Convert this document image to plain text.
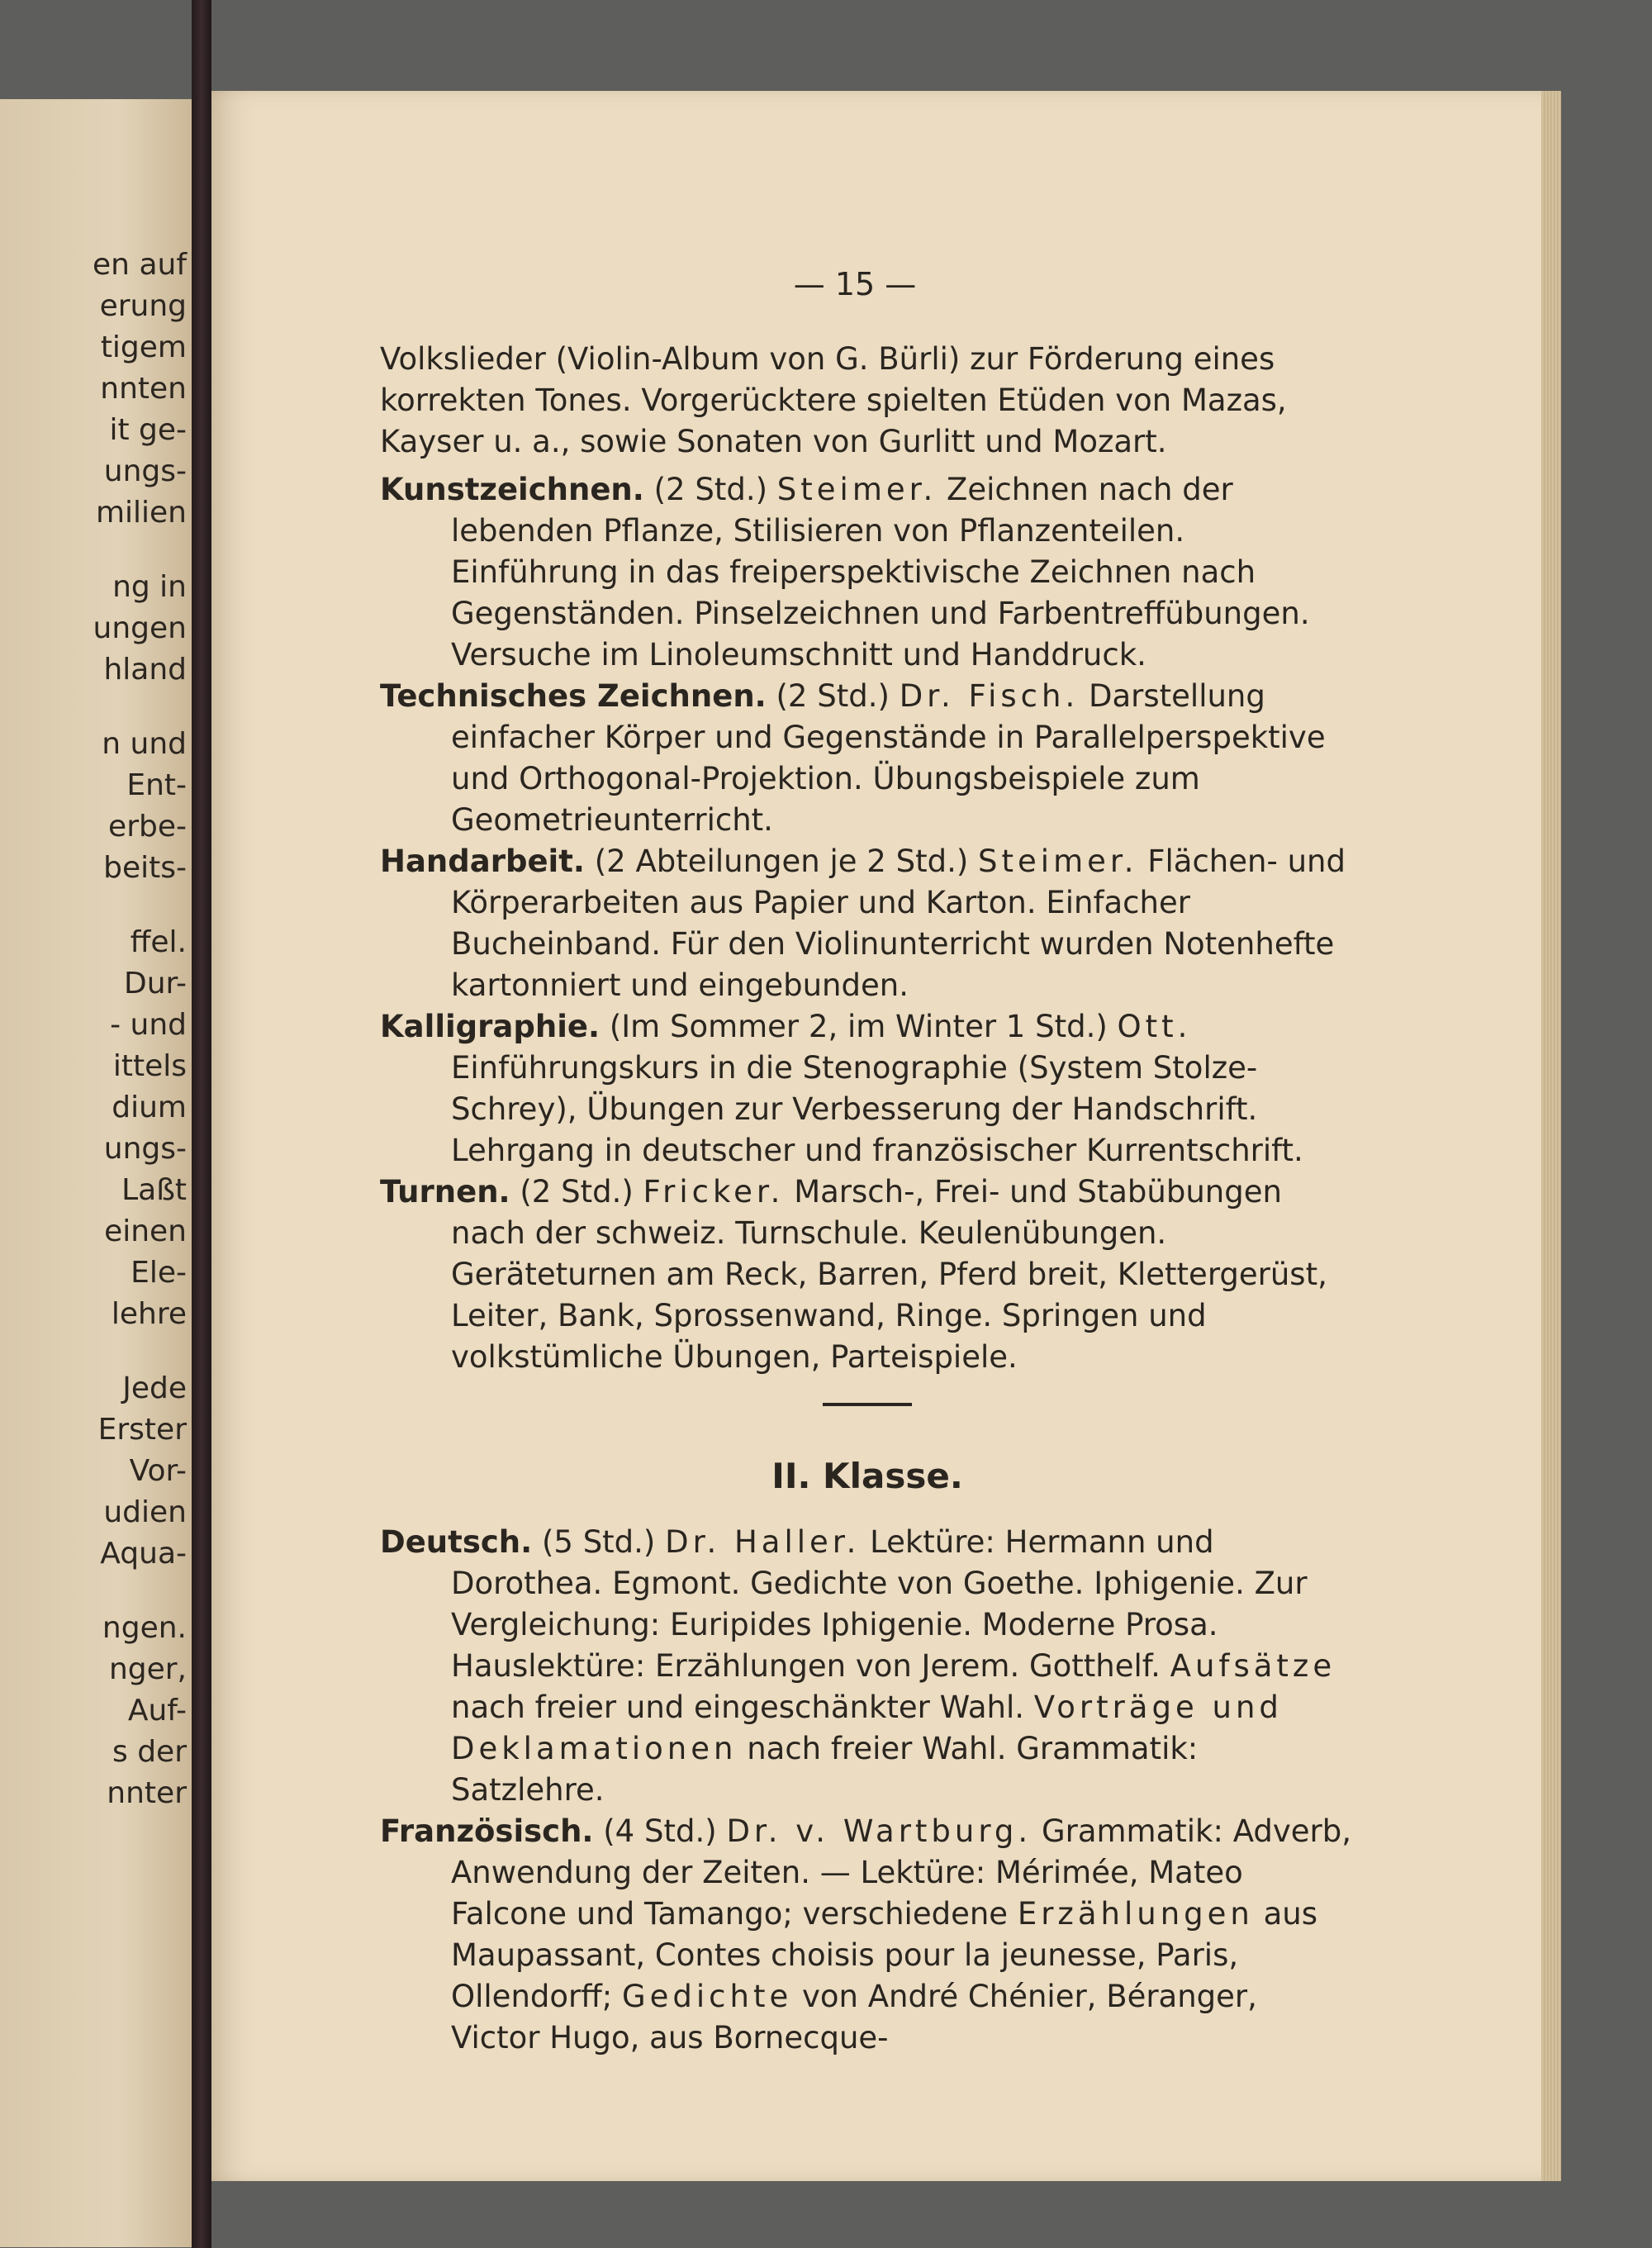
en auf
erung
tigem
nnten
it ge-
ungs-
milien
ng in
ungen
hland
n und
Ent-
erbe-
beits-
ffel.
Dur-
- und
ittels
dium
ungs-
Laßt
einen
Ele-
lehre
Jede
Erster
Vor-
udien
Aqua-
ngen.
nger,
Auf-
s der
nnter
— 15 —

Volkslieder (Violin-Album von G. Bürli) zur Förderung eines korrekten Tones. Vorgerücktere spielten Etüden von Mazas, Kayser u. a., sowie Sonaten von Gurlitt und Mozart.

Kunstzeichnen. (2 Std.) Steimer. Zeichnen nach der lebenden Pflanze, Stilisieren von Pflanzenteilen. Einführung in das freiperspektivische Zeichnen nach Gegenständen. Pinselzeichnen und Farbentreffübungen. Versuche im Linoleumschnitt und Handdruck.

Technisches Zeichnen. (2 Std.) Dr. Fisch. Darstellung einfacher Körper und Gegenstände in Parallelperspektive und Orthogonal-Projektion. Übungsbeispiele zum Geometrieunterricht.

Handarbeit. (2 Abteilungen je 2 Std.) Steimer. Flächen- und Körperarbeiten aus Papier und Karton. Einfacher Bucheinband. Für den Violinunterricht wurden Notenhefte kartonniert und eingebunden.

Kalligraphie. (Im Sommer 2, im Winter 1 Std.) Ott. Einführungskurs in die Stenographie (System Stolze-Schrey), Übungen zur Verbesserung der Handschrift. Lehrgang in deutscher und französischer Kurrentschrift.

Turnen. (2 Std.) Fricker. Marsch-, Frei- und Stabübungen nach der schweiz. Turnschule. Keulenübungen. Geräteturnen am Reck, Barren, Pferd breit, Klettergerüst, Leiter, Bank, Sprossenwand, Ringe. Springen und volkstümliche Übungen, Parteispiele.

II. Klasse.

Deutsch. (5 Std.) Dr. Haller. Lektüre: Hermann und Dorothea. Egmont. Gedichte von Goethe. Iphigenie. Zur Vergleichung: Euripides Iphigenie. Moderne Prosa. Hauslektüre: Erzählungen von Jerem. Gotthelf. Aufsätze nach freier und eingeschänkter Wahl. Vorträge und Deklamationen nach freier Wahl. Grammatik: Satzlehre.

Französisch. (4 Std.) Dr. v. Wartburg. Grammatik: Adverb, Anwendung der Zeiten. — Lektüre: Mérimée, Mateo Falcone und Tamango; verschiedene Erzählungen aus Maupassant, Contes choisis pour la jeunesse, Paris, Ollendorff; Gedichte von André Chénier, Béranger, Victor Hugo, aus Bornecque-
